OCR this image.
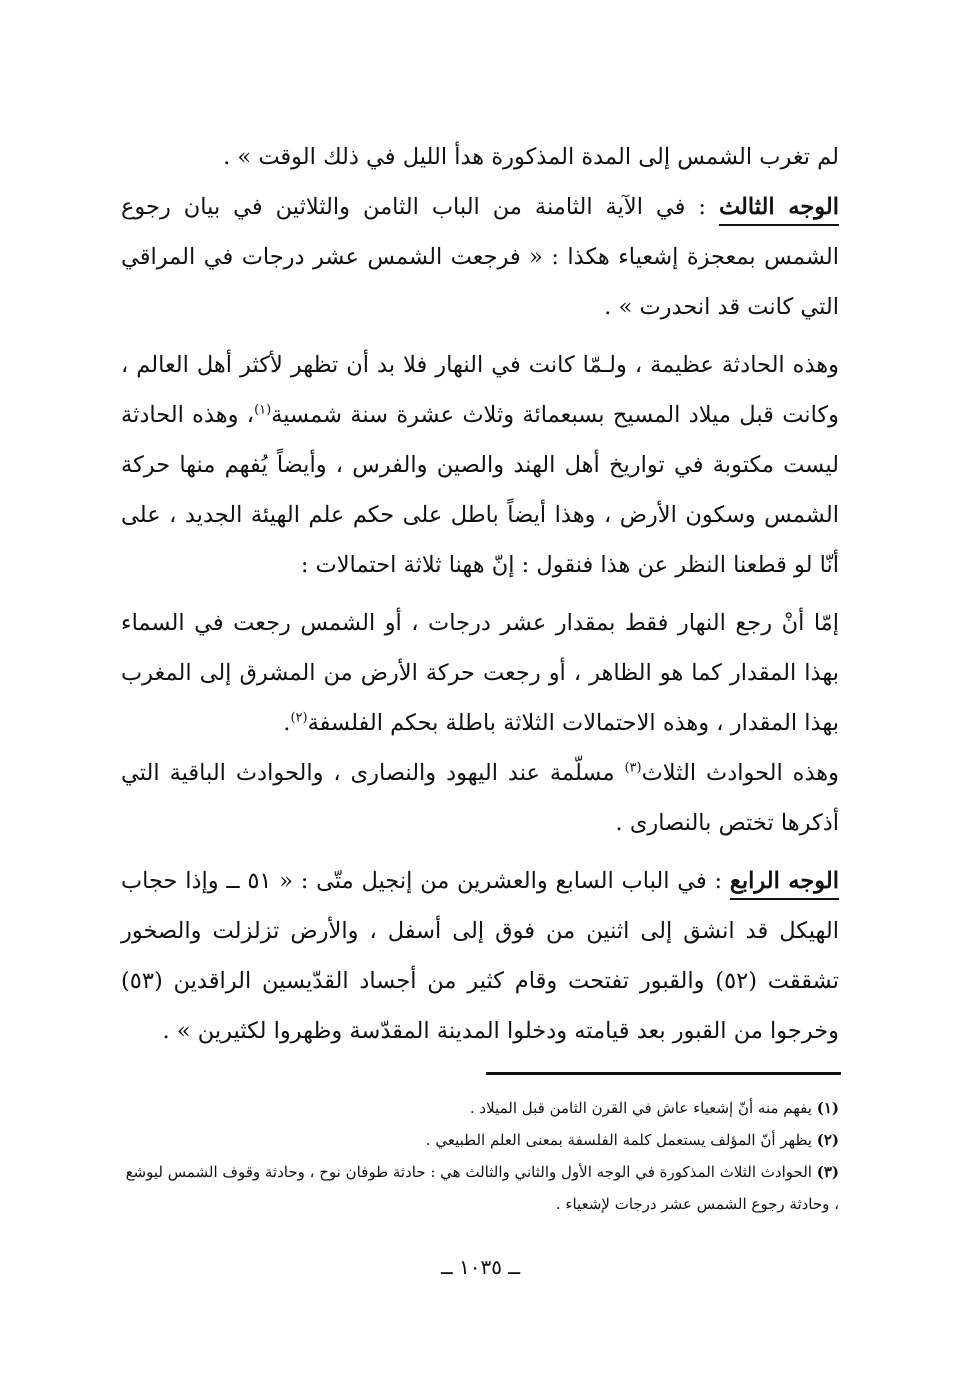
لم تغرب الشمس إلى المدة المذكورة هدأ الليل في ذلك الوقت » .

الوجه الثالث : في الآية الثامنة من الباب الثامن والثلاثين في بيان رجوع الشمس بمعجزة إشعياء هكذا : « فرجعت الشمس عشر درجات في المراقي التي كانت قد انحدرت » .

وهذه الحادثة عظيمة ، ولـمّا كانت في النهار فلا بد أن تظهر لأكثر أهل العالم ، وكانت قبل ميلاد المسيح بسبعمائة وثلاث عشرة سنة شمسية$^{(١)}$، وهذه الحادثة ليست مكتوبة في تواريخ أهل الهند والصين والفرس ، وأيضاً يُفهم منها حركة الشمس وسكون الأرض ، وهذا أيضاً باطل على حكم علم الهيئة الجديد ، على أنّا لو قطعنا النظر عن هذا فنقول : إنّ ههنا ثلاثة احتمالات :

إمّا أنْ رجع النهار فقط بمقدار عشر درجات ، أو الشمس رجعت في السماء بهذا المقدار كما هو الظاهر ، أو رجعت حركة الأرض من المشرق إلى المغرب بهذا المقدار ، وهذه الاحتمالات الثلاثة باطلة بحكم الفلسفة$^{(٢)}$.

وهذه الحوادث الثلاث$^{(٣)}$ مسلّمة عند اليهود والنصارى ، والحوادث الباقية التي أذكرها تختص بالنصارى .

الوجه الرابع : في الباب السابع والعشرين من إنجيل متّى : « ٥١ ــ وإذا حجاب الهيكل قد انشق إلى اثنين من فوق إلى أسفل ، والأرض تزلزلت والصخور تشققت (٥٢) والقبور تفتحت وقام كثير من أجساد القدّيسين الراقدين (٥٣) وخرجوا من القبور بعد قيامته ودخلوا المدينة المقدّسة وظهروا لكثيرين » .

(١) يفهم منه أنّ إشعياء عاش في القرن الثامن قبل الميلاد .

(٢) يظهر أنّ المؤلف يستعمل كلمة الفلسفة بمعنى العلم الطبيعي .

(٣) الحوادث الثلاث المذكورة في الوجه الأول والثاني والثالث هي : حادثة طوفان نوح ، وحادثة وقوف الشمس ليوشع ، وحادثة رجوع الشمس عشر درجات لإشعياء .

ــ ١٠٣٥ ــ
